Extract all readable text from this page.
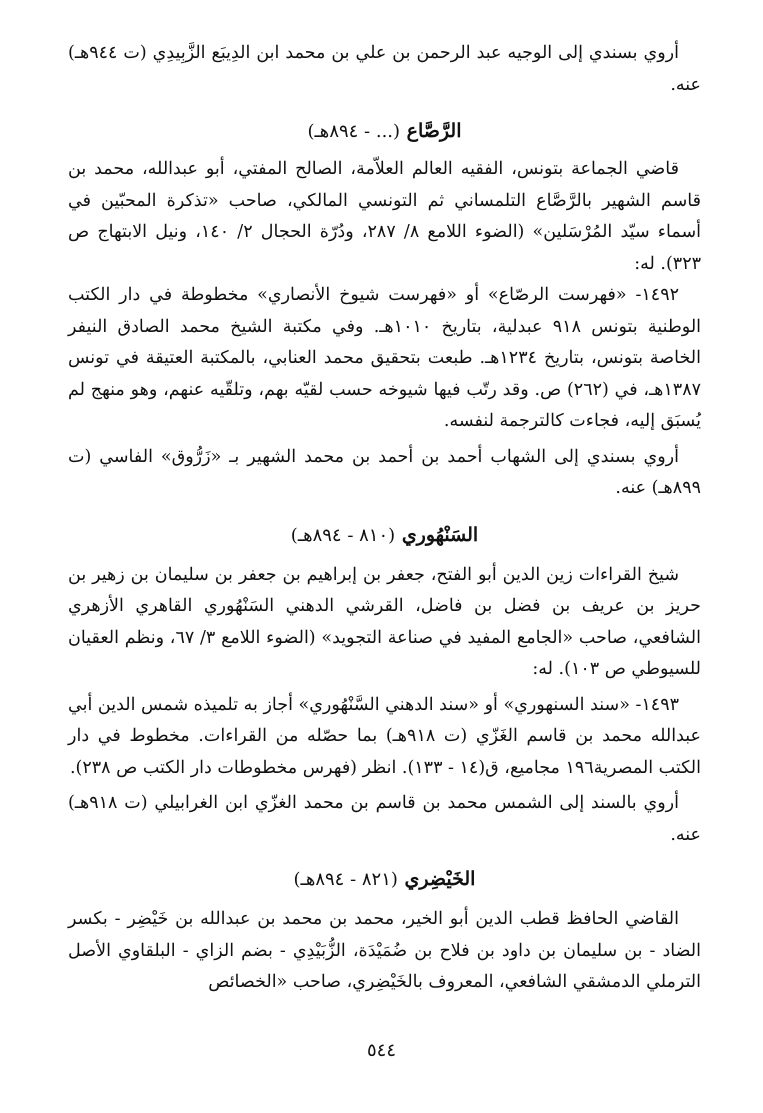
أروي بسندي إلى الوجيه عبد الرحمن بن علي بن محمد ابن الدِيبَع الزَّبِيدِي (ت ٩٤٤هـ) عنه.

الرَّصَّاع (... - ٨٩٤هـ)

قاضي الجماعة بتونس، الفقيه العالم العلاّمة، الصالح المفتي، أبو عبدالله، محمد بن قاسم الشهير بالرَّصَّاع التلمساني ثم التونسي المالكي، صاحب «تذكرة المحبّين في أسماء سيّد المُرْسَلين» (الضوء اللامع ٨/ ٢٨٧، ودُرّة الحجال ٢/ ١٤٠، ونيل الابتهاج ص ٣٢٣). له:

١٤٩٢- «فهرست الرصّاع» أو «فهرست شيوخ الأنصاري» مخطوطة في دار الكتب الوطنية بتونس ٩١٨ عبدلية، بتاريخ ١٠١٠هـ. وفي مكتبة الشيخ محمد الصادق النيفر الخاصة بتونس، بتاريخ ١٢٣٤هـ. طبعت بتحقيق محمد العنابي، بالمكتبة العتيقة في تونس ١٣٨٧هـ، في (٢٦٢) ص. وقد رتّب فيها شيوخه حسب لقيّه بهم، وتلقّيه عنهم، وهو منهج لم يُسبَق إليه، فجاءت كالترجمة لنفسه.

أروي بسندي إلى الشهاب أحمد بن أحمد بن محمد الشهير بـ «زَرُّوق» الفاسي (ت ٨٩٩هـ) عنه.

السَنْهُوري (٨١٠ - ٨٩٤هـ)

شيخ القراءات زين الدين أبو الفتح، جعفر بن إبراهيم بن جعفر بن سليمان بن زهير بن حريز بن عريف بن فضل بن فاضل، القرشي الدهني السَنْهُوري القاهري الأزهري الشافعي، صاحب «الجامع المفيد في صناعة التجويد» (الضوء اللامع ٣/ ٦٧، ونظم العقيان للسيوطي ص ١٠٣). له:

١٤٩٣- «سند السنهوري» أو «سند الدهني السَّنْهُوري» أجاز به تلميذه شمس الدين أبي عبدالله محمد بن قاسم الغَزّي (ت ٩١٨هـ) بما حصّله من القراءات. مخطوط في دار الكتب المصرية١٩٦ مجاميع، ق(١٤ - ١٣٣). انظر (فهرس مخطوطات دار الكتب ص ٢٣٨).

أروي بالسند إلى الشمس محمد بن قاسم بن محمد الغزّي ابن الغرابيلي (ت ٩١٨هـ) عنه.

الخَيْضِري (٨٢١ - ٨٩٤هـ)

القاضي الحافظ قطب الدين أبو الخير، محمد بن محمد بن عبدالله بن خَيْضِر - بكسر الضاد - بن سليمان بن داود بن فلاح بن ضُمَيْدَة، الزُّبَيْدِي - بضم الزاي - البلقاوي الأصل الترملي الدمشقي الشافعي، المعروف بالخَيْضِري، صاحب «الخصائص

٥٤٤
